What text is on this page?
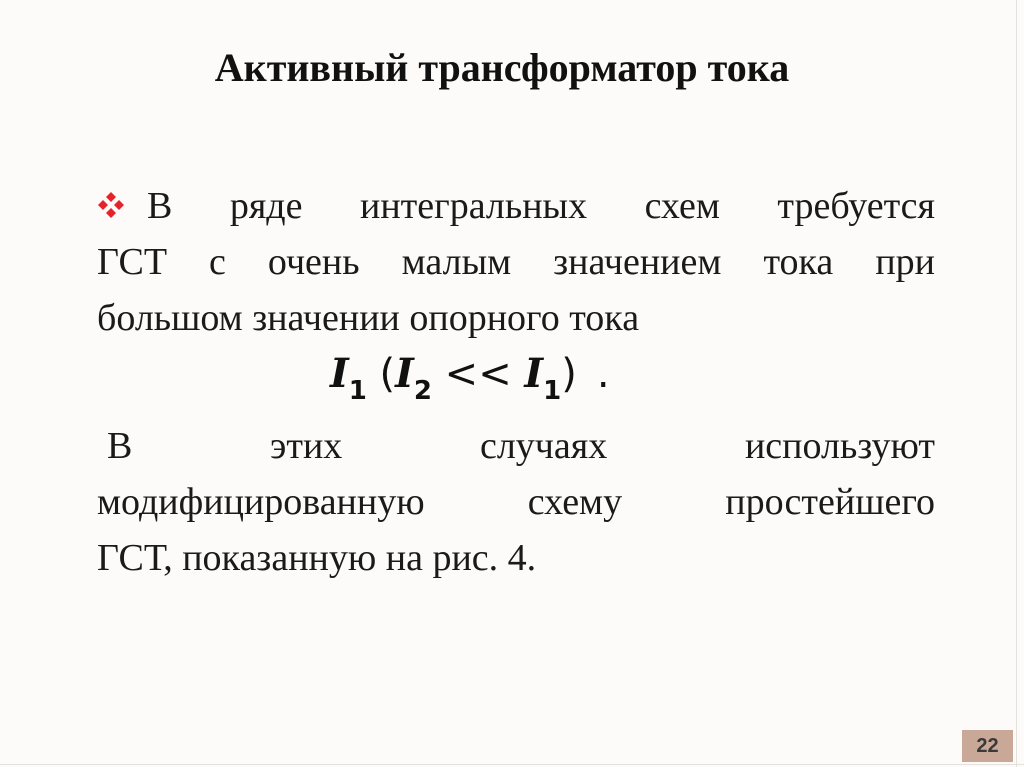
Активный трансформатор тока
В ряде интегральных схем требуется
ГСТ с очень малым значением тока при
большом значении опорного тока
$I_1$ $(I_2 << I_1)$ .
В этих случаях используют
модифицированную схему простейшего
ГСТ, показанную на рис. 4.
22
